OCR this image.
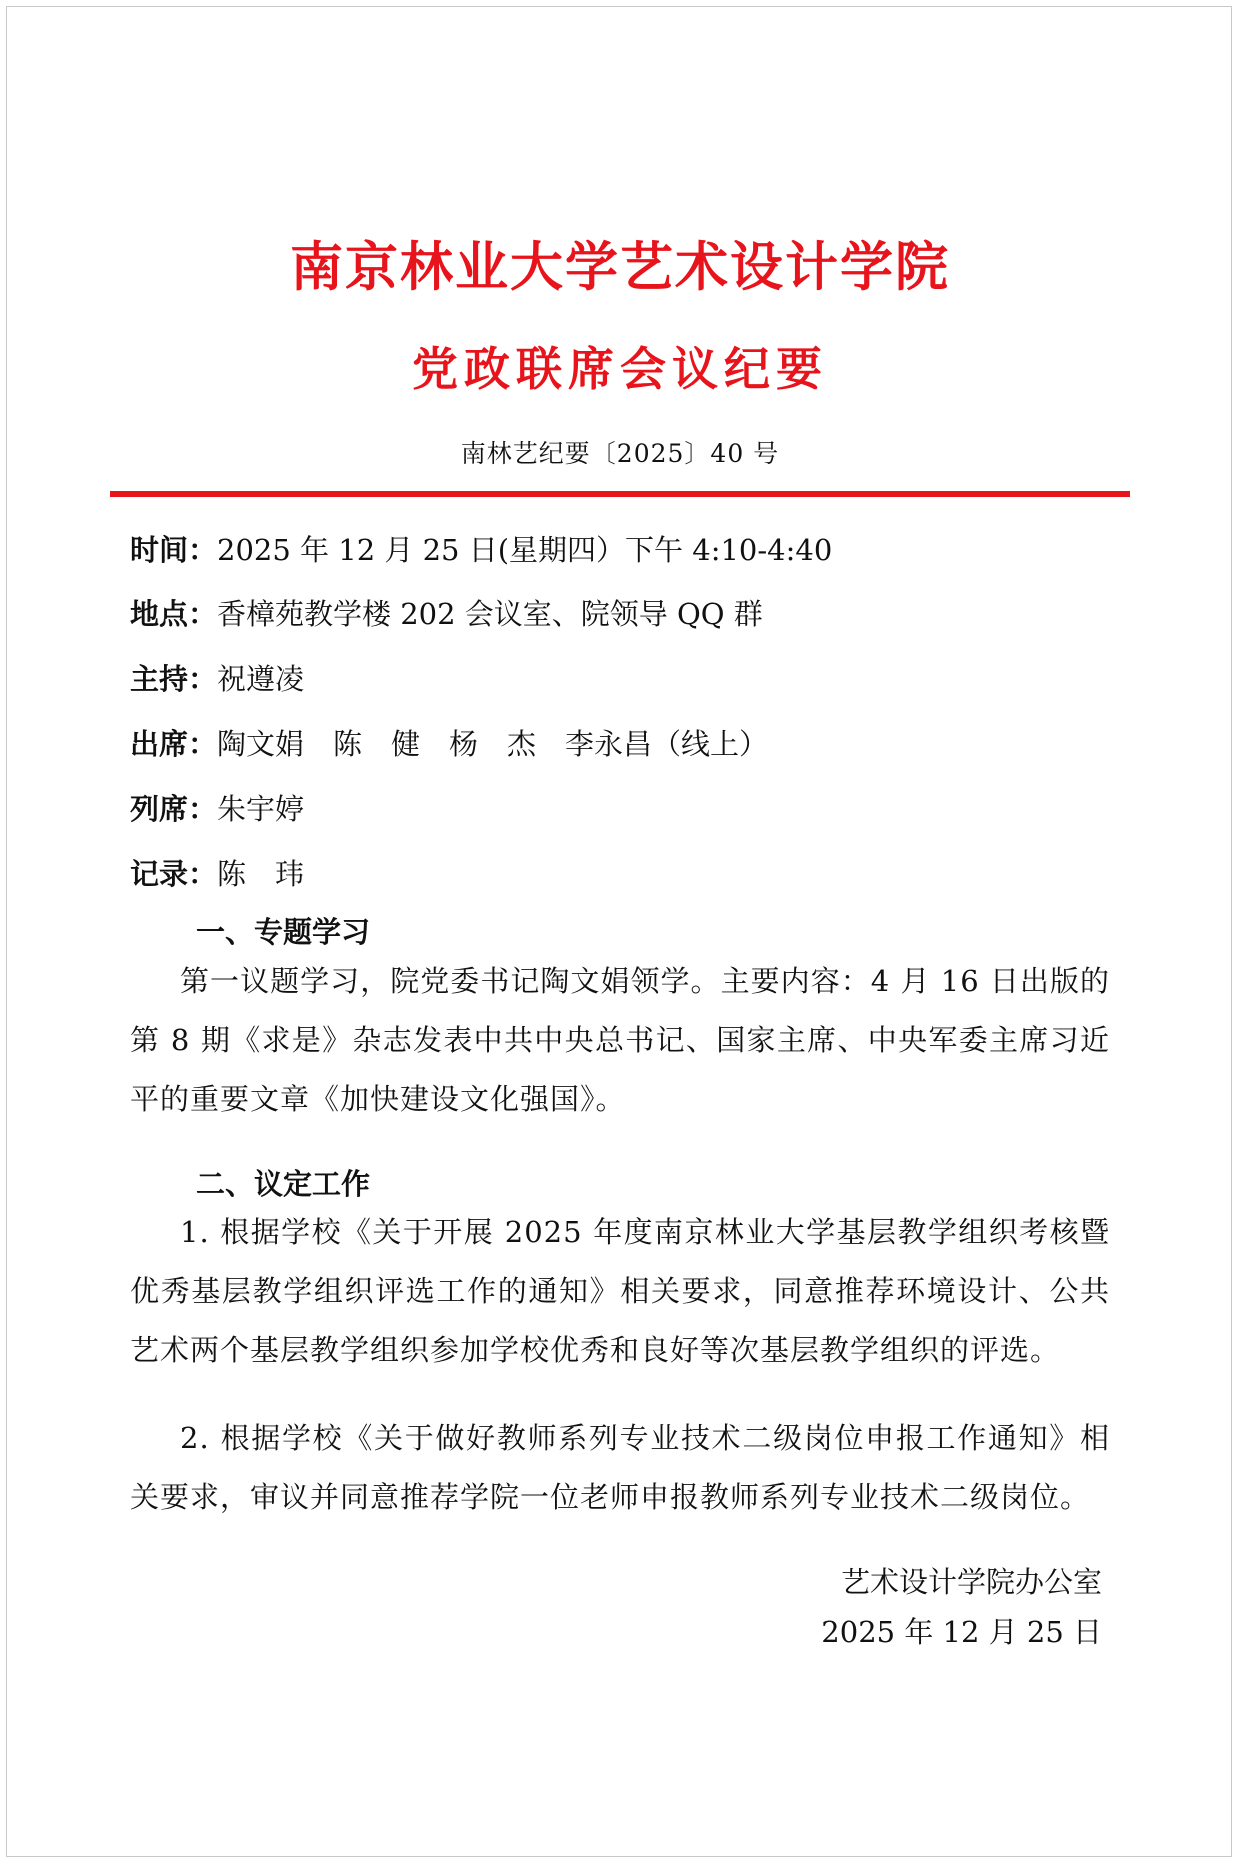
南京林业大学艺术设计学院
党政联席会议纪要
南林艺纪要〔2025〕40 号
时间：2025 年 12 月 25 日(星期四）下午 4:10-4:40
地点：香樟苑教学楼 202 会议室、院领导 QQ 群
主持：祝遵凌
出席：陶文娟　陈　健　杨　杰　李永昌（线上）
列席：朱宇婷
记录：陈　玮
一、专题学习

第一议题学习，院党委书记陶文娟领学。主要内容：4 月 16 日出版的第 8 期《求是》杂志发表中共中央总书记、国家主席、中央军委主席习近平的重要文章《加快建设文化强国》。

二、议定工作

1. 根据学校《关于开展 2025 年度南京林业大学基层教学组织考核暨优秀基层教学组织评选工作的通知》相关要求，同意推荐环境设计、公共艺术两个基层教学组织参加学校优秀和良好等次基层教学组织的评选。

2. 根据学校《关于做好教师系列专业技术二级岗位申报工作通知》相关要求，审议并同意推荐学院一位老师申报教师系列专业技术二级岗位。

艺术设计学院办公室
2025 年 12 月 25 日
